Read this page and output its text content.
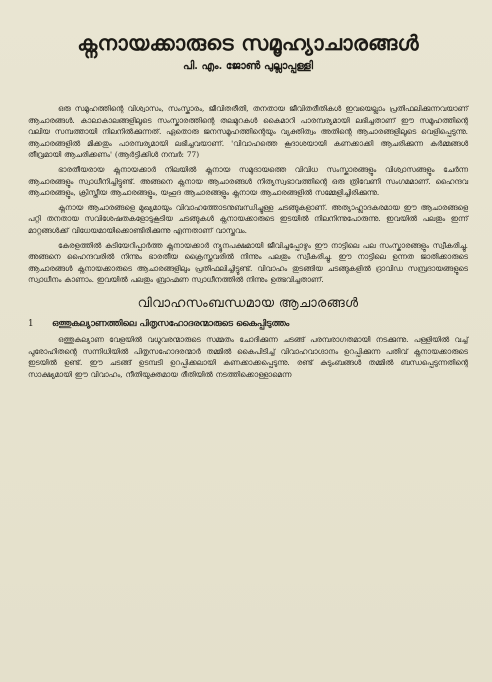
ക്നനായക്കാരുടെ സമൂഹ്യാചാരങ്ങൾ
പി. എം. ജോൺ പുല്ലാപ്പള്ളി

ഒരു സമൂഹത്തിന്റെ വിശ്വാസം, സംസ്കാരം, ജീവിതരീതി, തനതായ ജീവിതരീതികൾ ഇവയെല്ലാം പ്രതിഫലിക്കുന്നവയാണ് ആചാരങ്ങൾ. കാലാകാലങ്ങളിലൂടെ സംസ്കാരത്തിന്റെ തലമുറകൾ കൈമാറി പാരമ്പര്യമായി ലഭിച്ചതാണ് ഈ സമൂഹത്തിന്റെ വലിയ സമ്പത്തായി നിലനിൽക്കുന്നത്. ഏതൊരു ജനസമൂഹത്തിന്റെയും വ്യക്തിത്വം അതിന്റെ ആചാരങ്ങളിലൂടെ വെളിപ്പെടുന്നു. ആചാരങ്ങളിൽ മിക്കതും പാരമ്പര്യമായി ലഭിച്ചവയാണ്. 'വിവാഹത്തെ കൂദാശയായി കണക്കാക്കി ആചരിക്കുന്ന കർമ്മങ്ങൾ തീവ്രമായി ആചരിക്കണം' (ആർട്ടിക്കിൾ നമ്പർ: 77)

ഭാരതീയരായ ക്നനായക്കാർ നിലയിൽ ക്നനായ സമുദായത്തെ വിവിധ സംസ്കാരങ്ങളും വിശ്വാസങ്ങളും ചേർന്ന ആചാരങ്ങളും സ്വാധീനിച്ചിട്ടുണ്ട്. അങ്ങനെ ക്നനായ ആചാരങ്ങൾ നിത്യസ്വഭാവത്തിന്റെ ഒരു ത്രിവേണി സംഗമമാണ്. ഹൈന്ദവ ആചാരങ്ങളും, ക്രിസ്തീയ ആചാരങ്ങളും, യഹൂദ ആചാരങ്ങളും ക്നനായ ആചാരങ്ങളിൽ സമ്മേളിച്ചിരിക്കുന്നു.

ക്നനായ ആചാരങ്ങളെ മുഖ്യമായും വിവാഹത്തോടനുബന്ധിച്ചുള്ള ചടങ്ങുകളാണ്. അത്യാഹ്ലാദകരമായ ഈ ആചാരങ്ങളെ പറ്റി തനതായ സവിശേഷതകളോടുകൂടിയ ചടങ്ങുകൾ ക്നനായക്കാരുടെ ഇടയിൽ നിലനിന്നുപോരുന്നു. ഇവയിൽ പലതും ഇന്ന് മാറ്റങ്ങൾക്ക് വിധേയമായിക്കൊണ്ടിരിക്കുന്നു എന്നതാണ് വാസ്തവം.

കേരളത്തിൽ കുടിയേറിപ്പാർത്ത ക്നനായക്കാർ ന്യൂനപക്ഷമായി ജീവിച്ചപ്പോഴും ഈ നാട്ടിലെ പല സംസ്കാരങ്ങളും സ്വീകരിച്ചു. അങ്ങനെ ഹൈന്ദവരിൽ നിന്നും ഭാരതീയ ക്രൈസ്തവരിൽ നിന്നും പലതും സ്വീകരിച്ചു. ഈ നാട്ടിലെ ഉന്നത ജാതിക്കാരുടെ ആചാരങ്ങൾ ക്നനായക്കാരുടെ ആചാരങ്ങളിലും പ്രതിഫലിച്ചിട്ടുണ്ട്. വിവാഹം തുടങ്ങിയ ചടങ്ങുകളിൽ ദ്രാവിഡ സമ്പ്രദായങ്ങളുടെ സ്വാധീനം കാണാം. ഇവയിൽ പലതും ബ്രാഹ്മണ സ്വാധീനത്തിൽ നിന്നും ഉത്ഭവിച്ചതാണ്.

വിവാഹസംബന്ധമായ ആചാരങ്ങൾ
1	ഒത്തുകല്യാണത്തിലെ പിതൃസഹോദരന്മാരുടെ കൈപ്പിടുത്തം

ഒത്തുകല്യാണ വേളയിൽ വധൂവരന്മാരുടെ സമ്മതം ചോദിക്കുന്ന ചടങ്ങ് പരമ്പരാഗതമായി നടക്കുന്നു. പള്ളിയിൽ വച്ച് പുരോഹിതന്റെ സന്നിധിയിൽ പിതൃസഹോദരന്മാർ തമ്മിൽ കൈപിടിച്ച് വിവാഹവാഗ്ദാനം ഉറപ്പിക്കുന്ന പതിവ് ക്നനായക്കാരുടെ ഇടയിൽ ഉണ്ട്. ഈ ചടങ്ങ് ഉടമ്പടി ഉറപ്പിക്കലായി കണക്കാക്കപ്പെടുന്നു. രണ്ട് കുടുംബങ്ങൾ തമ്മിൽ ബന്ധപ്പെടുന്നതിന്റെ സാക്ഷ്യമായി ഈ വിവാഹം, നീതിയുക്തമായ രീതിയിൽ നടത്തിക്കൊള്ളാമെന്ന
